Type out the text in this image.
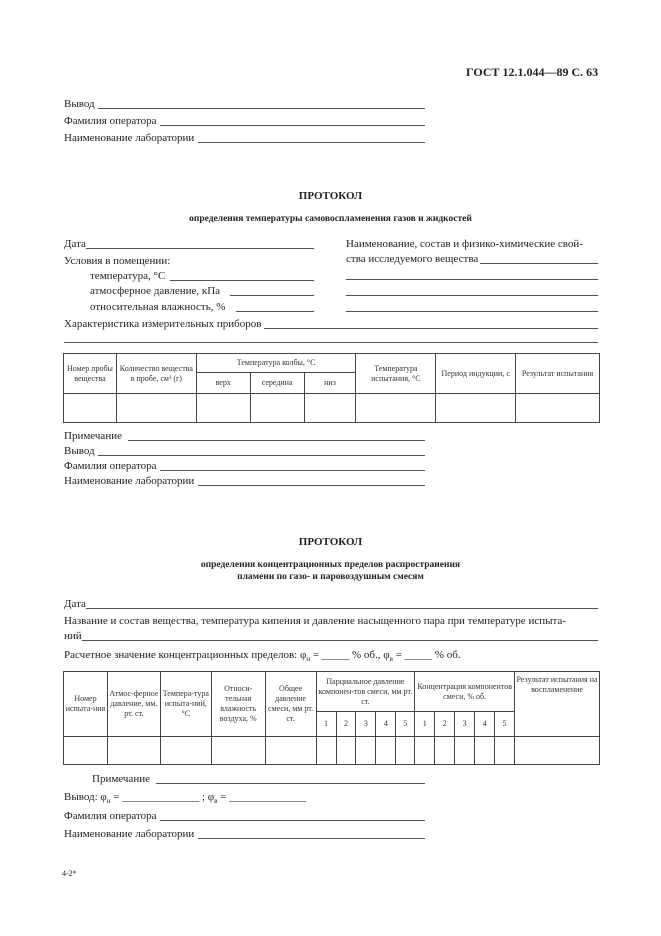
ГОСТ 12.1.044—89 С. 63
Вывод
Фамилия оператора
Наименование лаборатории
ПРОТОКОЛ
определения температуры самовоспламенения газов и жидкостей
Дата
Условия в помещении:
температура, °С
атмосферное давление, кПа
относительная влажность, %
Наименование, состав и физико-химические свой-
ства исследуемого вещества
Характеристика измерительных приборов
Номер пробы вещества	Количество вещества в пробе, см³ (г)	Температура колбы, °С			Температура испытания, °С	Период индукции, с	Результат испытания
		верх	середина	низ			

Примечание
Вывод
Фамилия оператора
Наименование лаборатории
ПРОТОКОЛ
определения концентрационных пределов распространения
пламени по газо- и паровоздушным смесям
Дата
Название и состав вещества, температура кипения и давление насыщенного пара при температуре испыта-
ний
Расчетное значение концентрационных пределов: $\varphi_н$ = _____ % об., $\varphi_в$ = _____ % об.
Номер испыта-ния	Атмос-ферное давление, мм. рт. ст.	Темпера-тура испыта-ний, °С	Относи-тельная влажность воздуха, %	Общее давление смеси, мм рт. ст.	Парциальное давление компонен-тов смеси, мм рт. ст.					Концентрация компонентов смеси, % об.					Результат испытания на воспламенение
					1	2	3	4	5	1	2	3	4	5	

Примечание
Вывод: $\varphi_н$ = ______________ ; $\varphi_в$ = ______________
Фамилия оператора
Наименование лаборатории
4-2*
